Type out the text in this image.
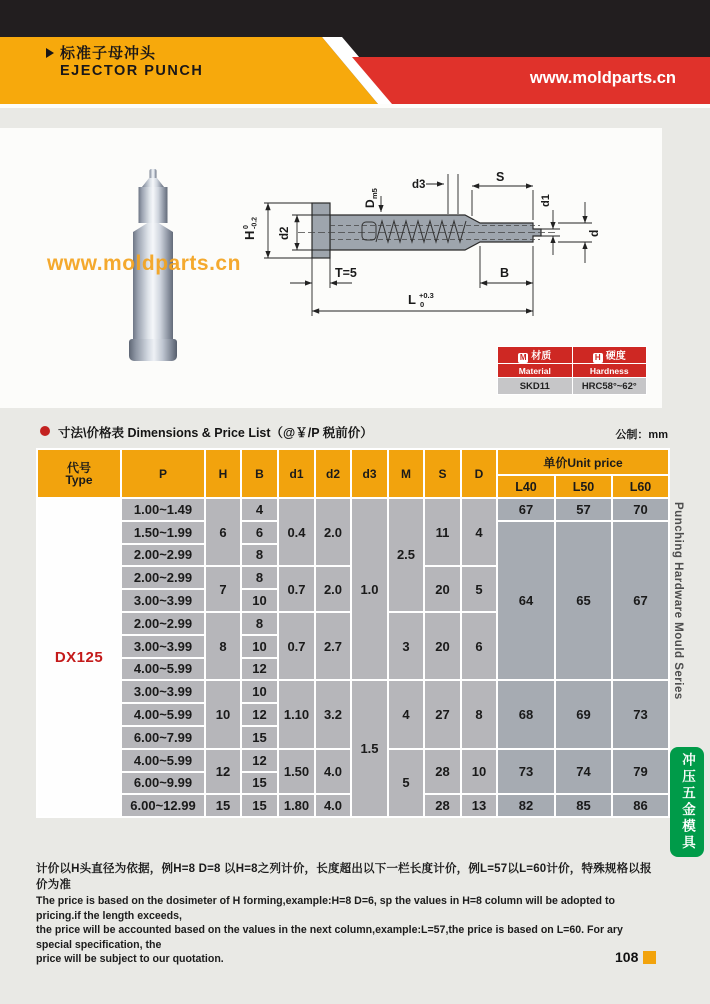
标准子母冲头
EJECTOR PUNCH	www.moldparts.cn
www.moldparts.cn
H
0 -0.2
d2
D
m5
d3
S
d1
d
T=5	B
L +0.3
0
M 材质	H 硬度
Material	Hardness
SKD11	HRC58°~62°
寸法\价格表 Dimensions & Price List（@￥/P 税前价）	公制：mm
代号
Type	P	H	B	d1	d2	d3	M	S	D	单价Unit price		
										L40	L50	L60
DX125	1.00~1.49	6	4	0.4	2.0	1.0	2.5	11	4	67	57	70
	1.50~1.99		6							64	65	67
	2.00~2.99		8									
	2.00~2.99	7	8	0.7	2.0			20	5			
	3.00~3.99		10									
	2.00~2.99	8	8	0.7	2.7		3	20	6			
	3.00~3.99		10									
	4.00~5.99		12									
	3.00~3.99	10	10	1.10	3.2	1.5	4	27	8	68	69	73
	4.00~5.99		12									
	6.00~7.99		15									
	4.00~5.99	12	12	1.50	4.0		5	28	10	73	74	79
	6.00~9.99		15									
	6.00~12.99	15	15	1.80	4.0			28	13	82	85	86
计价以H头直径为依据，例H=8 D=8 以H=8之列计价，长度超出以下一栏长度计价，例L=57以L=60计价，特殊规格以报价为准
The price is based on the dosimeter of H forming,example:H=8 D=6, sp the values in H=8 column will be adopted to pricing.if the length exceeds,
the price will be accounted based on the values in the next column,example:L=57,the price is based on L=60. For ary special specification, the
price will be subject to our quotation.
Punching Hardware Mould Series
冲压五金模具
108
